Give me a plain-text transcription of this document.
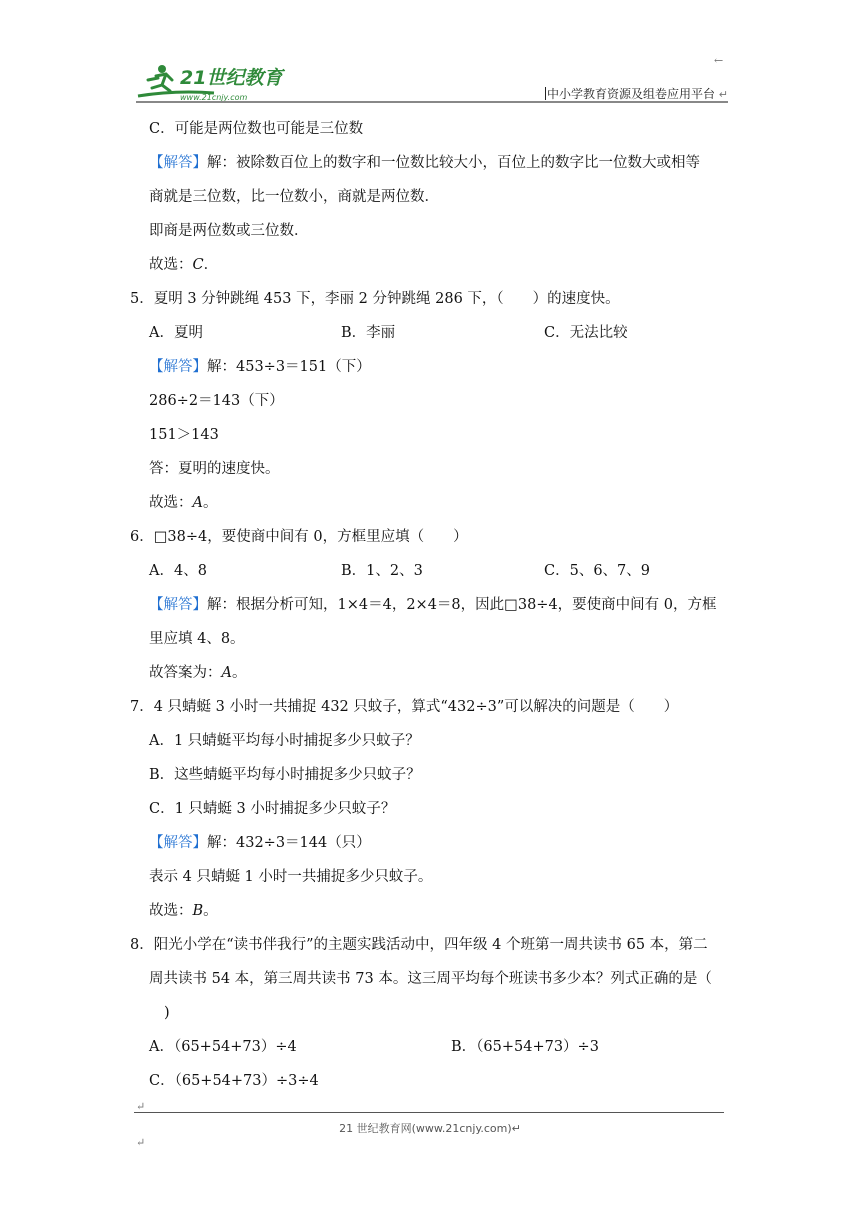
←
21世纪教育
www.21cnjy.com	中小学教育资源及组卷应用平台 ↵
C．可能是两位数也可能是三位数
【解答】解：被除数百位上的数字和一位数比较大小，百位上的数字比一位数大或相等
商就是三位数，比一位数小，商就是两位数．
即商是两位数或三位数．
故选：C．
5．夏明 3 分钟跳绳 453 下，李丽 2 分钟跳绳 286 下，（　　）的速度快。
A．夏明	B．李丽	C．无法比较
【解答】解：453÷3＝151（下）
286÷2＝143（下）
151＞143
答：夏明的速度快。
故选：A。
6．□38÷4，要使商中间有 0，方框里应填（　　）
A．4、8	B．1、2、3	C．5、6、7、9
【解答】解：根据分析可知，1×4＝4，2×4＝8，因此□38÷4，要使商中间有 0，方框
里应填 4、8。
故答案为：A。
7．4 只蜻蜓 3 小时一共捕捉 432 只蚊子，算式“432÷3”可以解决的问题是（　　）
A．1 只蜻蜓平均每小时捕捉多少只蚊子？
B．这些蜻蜓平均每小时捕捉多少只蚊子？
C．1 只蜻蜓 3 小时捕捉多少只蚊子？
【解答】解：432÷3＝144（只）
表示 4 只蜻蜓 1 小时一共捕捉多少只蚊子。
故选：B。
8．阳光小学在“读书伴我行”的主题实践活动中，四年级 4 个班第一周共读书 65 本，第二
周共读书 54 本，第三周共读书 73 本。这三周平均每个班读书多少本？列式正确的是（
)
A．（65+54+73）÷4	B．（65+54+73）÷3
C．（65+54+73）÷3÷4
↵
21 世纪教育网(www.21cnjy.com)↵
↵
